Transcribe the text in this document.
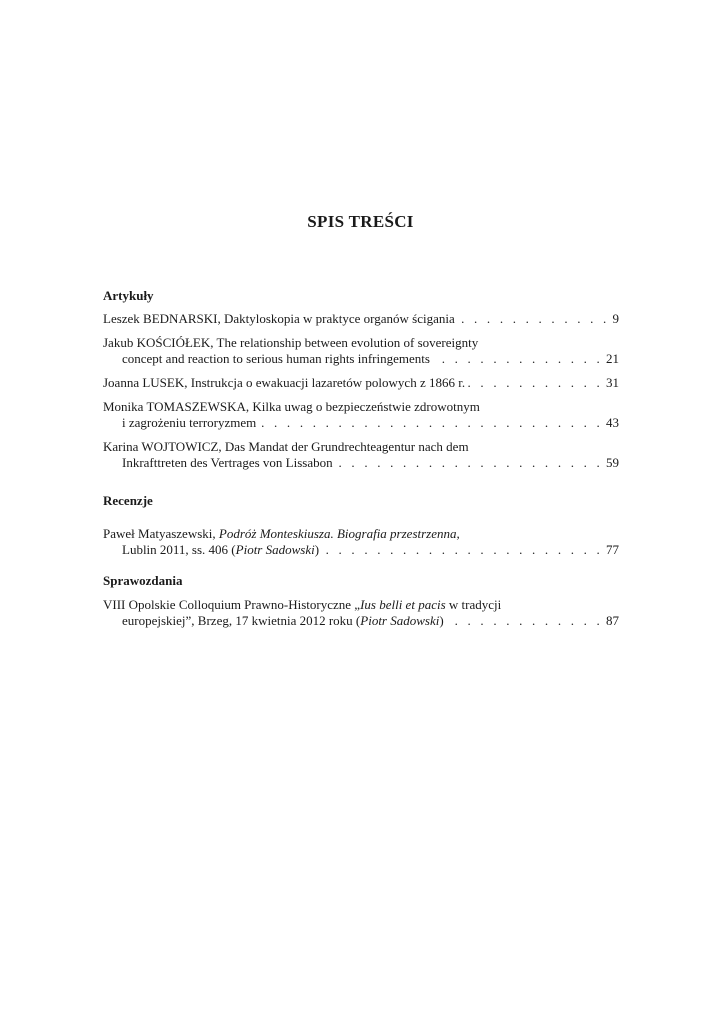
SPIS TREŚCI
Artykuły
Leszek BEDNARSKI, Daktyloskopia w praktyce organów ścigania . . .	9
Jakub KOŚCIÓŁEK, The relationship between evolution of sovereignty
concept and reaction to serious human rights infringements . . .	21
Joanna LUSEK, Instrukcja o ewakuacji lazaretów polowych z 1866 r. . . .	31
Monika TOMASZEWSKA, Kilka uwag o bezpieczeństwie zdrowotnym
i zagrożeniu terroryzmem . . .	43
Karina WOJTOWICZ, Das Mandat der Grundrechteagentur nach dem
Inkrafttreten des Vertrages von Lissabon . . .	59
Recenzje
Paweł Matyaszewski,
Podróż Monteskiusza. Biografia przestrzenna,
Lublin 2011, ss. 406 (Piotr Sadowski) . . .	77
Sprawozdania
VIII Opolskie Colloquium Prawno-Historyczne „Ius belli et pacis w tradycji
europejskiej”, Brzeg, 17 kwietnia 2012 roku (Piotr Sadowski) . . .	87
